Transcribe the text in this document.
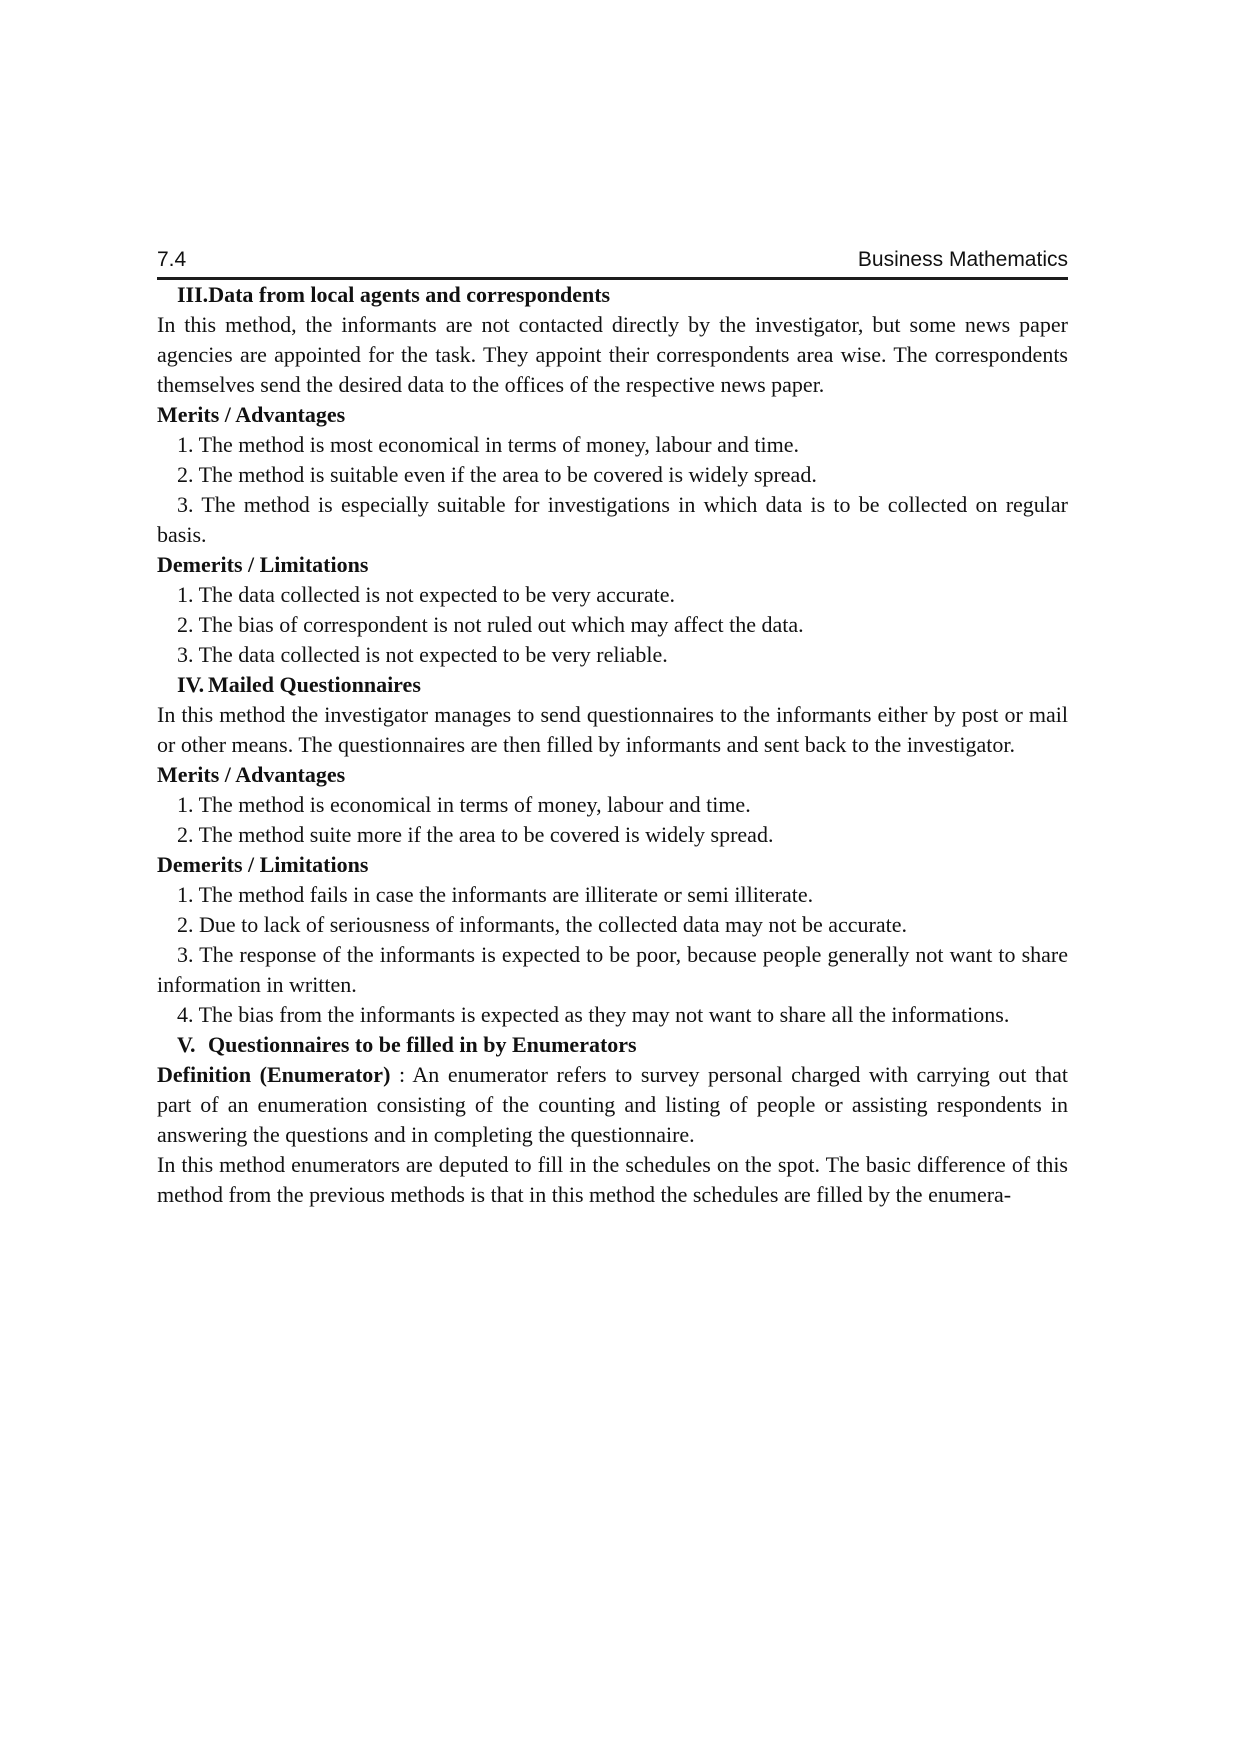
7.4	Business Mathematics

III.Data from local agents and correspondents

In this method, the informants are not contacted directly by the investigator, but some news paper agencies are appointed for the task. They appoint their correspondents area wise. The correspondents themselves send the desired data to the offices of the respective news paper.

Merits / Advantages

1. The method is most economical in terms of money, labour and time.

2. The method is suitable even if the area to be covered is widely spread.

3. The method is especially suitable for investigations in which data is to be collected on regular basis.

Demerits / Limitations

1. The data collected is not expected to be very accurate.

2. The bias of correspondent is not ruled out which may affect the data.

3. The data collected is not expected to be very reliable.

IV. Mailed Questionnaires

In this method the investigator manages to send questionnaires to the informants either by post or mail or other means. The questionnaires are then filled by informants and sent back to the investigator.

Merits / Advantages

1. The method is economical in terms of money, labour and time.

2. The method suite more if the area to be covered is widely spread.

Demerits / Limitations

1. The method fails in case the informants are illiterate or semi illiterate.

2. Due to lack of seriousness of informants, the collected data may not be accurate.

3. The response of the informants is expected to be poor, because people generally not want to share information in written.

4. The bias from the informants is expected as they may not want to share all the informations.

V. Questionnaires to be filled in by Enumerators

Definition (Enumerator) : An enumerator refers to survey personal charged with carrying out that part of an enumeration consisting of the counting and listing of people or assisting respondents in answering the questions and in completing the questionnaire.

In this method enumerators are deputed to fill in the schedules on the spot. The basic difference of this method from the previous methods is that in this method the schedules are filled by the enumera-
